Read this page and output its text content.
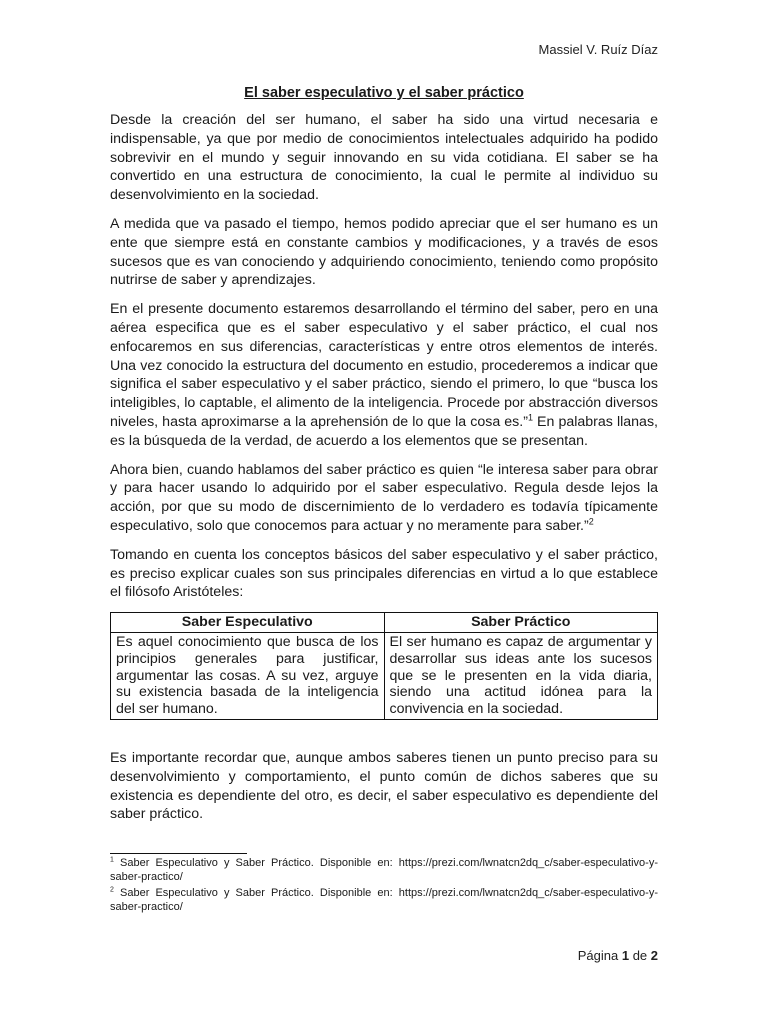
Massiel V. Ruíz Díaz

El saber especulativo y el saber práctico

Desde la creación del ser humano, el saber ha sido una virtud necesaria e indispensable, ya que por medio de conocimientos intelectuales adquirido ha podido sobrevivir en el mundo y seguir innovando en su vida cotidiana. El saber se ha convertido en una estructura de conocimiento, la cual le permite al individuo su desenvolvimiento en la sociedad.

A medida que va pasado el tiempo, hemos podido apreciar que el ser humano es un ente que siempre está en constante cambios y modificaciones, y a través de esos sucesos que es van conociendo y adquiriendo conocimiento, teniendo como propósito nutrirse de saber y aprendizajes.

En el presente documento estaremos desarrollando el término del saber, pero en una aérea especifica que es el saber especulativo y el saber práctico, el cual nos enfocaremos en sus diferencias, características y entre otros elementos de interés. Una vez conocido la estructura del documento en estudio, procederemos a indicar que significa el saber especulativo y el saber práctico, siendo el primero, lo que “busca los inteligibles, lo captable, el alimento de la inteligencia. Procede por abstracción diversos niveles, hasta aproximarse a la aprehensión de lo que la cosa es.”$^1$ En palabras llanas, es la búsqueda de la verdad, de acuerdo a los elementos que se presentan.

Ahora bien, cuando hablamos del saber práctico es quien “le interesa saber para obrar y para hacer usando lo adquirido por el saber especulativo. Regula desde lejos la acción, por que su modo de discernimiento de lo verdadero es todavía típicamente especulativo, solo que conocemos para actuar y no meramente para saber.”$^2$

Tomando en cuenta los conceptos básicos del saber especulativo y el saber práctico, es preciso explicar cuales son sus principales diferencias en virtud a lo que establece el filósofo Aristóteles:

Saber Especulativo	Saber Práctico
Es aquel conocimiento que busca de los principios generales para justificar, argumentar las cosas. A su vez, arguye su existencia basada de la inteligencia del ser humano.	El ser humano es capaz de argumentar y desarrollar sus ideas ante los sucesos que se le presenten en la vida diaria, siendo una actitud idónea para la convivencia en la sociedad.

Es importante recordar que, aunque ambos saberes tienen un punto preciso para su desenvolvimiento y comportamiento, el punto común de dichos saberes que su existencia es dependiente del otro, es decir, el saber especulativo es dependiente del saber práctico.

$^1$ Saber Especulativo y Saber Práctico. Disponible en: https://prezi.com/lwnatcn2dq_c/saber-especulativo-y-saber-practico/

$^2$ Saber Especulativo y Saber Práctico. Disponible en: https://prezi.com/lwnatcn2dq_c/saber-especulativo-y-saber-practico/

Página 1 de 2
